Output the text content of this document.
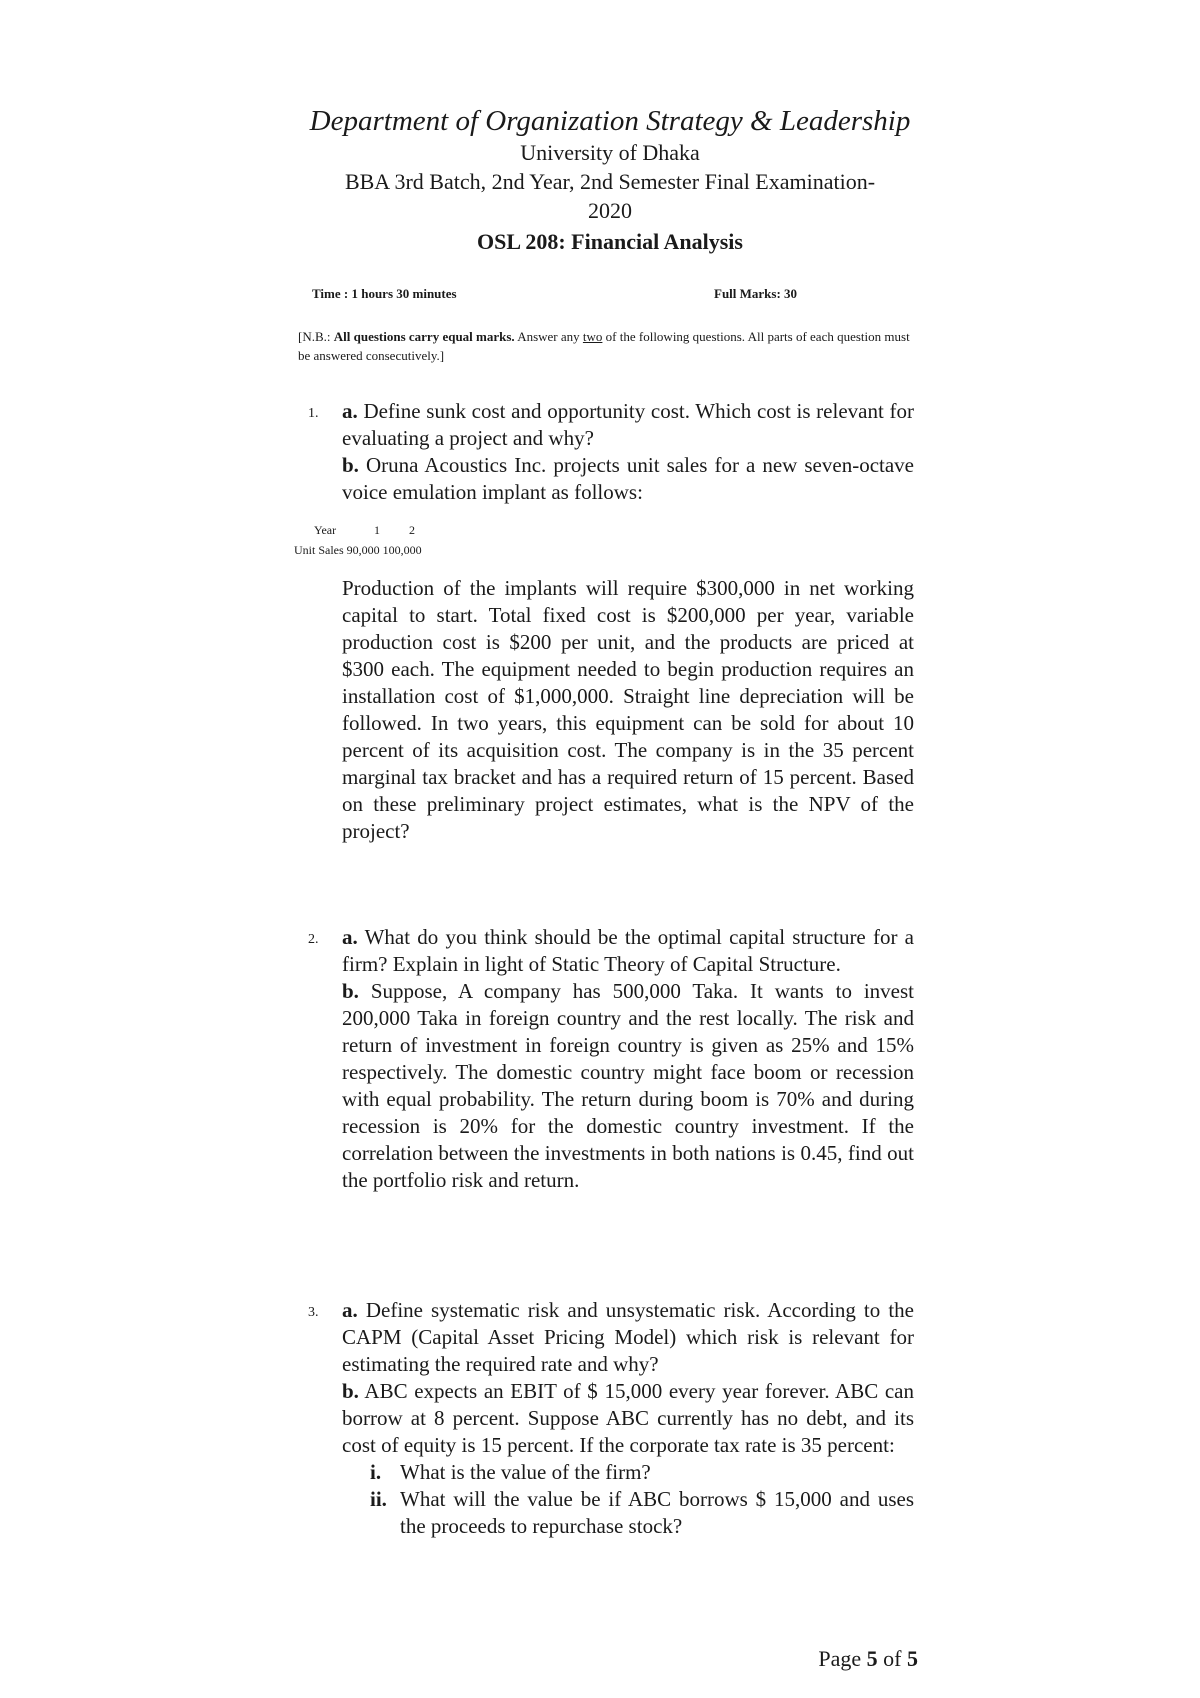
Department of Organization Strategy & Leadership
University of Dhaka
BBA 3rd Batch, 2nd Year, 2nd Semester Final Examination-
2020
OSL 208: Financial Analysis
Time : 1 hours 30 minutes	Full Marks: 30
[N.B.: All questions carry equal marks. Answer any two of the following questions. All parts of each question must be answered consecutively.]
1. a. Define sunk cost and opportunity cost. Which cost is relevant for evaluating a project and why?
b. Oruna Acoustics Inc. projects unit sales for a new seven-octave voice emulation implant as follows:
Year	1 2
Unit Sales 90,000 100,000
Production of the implants will require $300,000 in net working capital to start. Total fixed cost is $200,000 per year, variable production cost is $200 per unit, and the products are priced at $300 each. The equipment needed to begin production requires an installation cost of $1,000,000. Straight line depreciation will be followed. In two years, this equipment can be sold for about 10 percent of its acquisition cost. The company is in the 35 percent marginal tax bracket and has a required return of 15 percent. Based on these preliminary project estimates, what is the NPV of the project?
2. a. What do you think should be the optimal capital structure for a firm? Explain in light of Static Theory of Capital Structure.
b. Suppose, A company has 500,000 Taka. It wants to invest 200,000 Taka in foreign country and the rest locally. The risk and return of investment in foreign country is given as 25% and 15% respectively. The domestic country might face boom or recession with equal probability. The return during boom is 70% and during recession is 20% for the domestic country investment. If the correlation between the investments in both nations is 0.45, find out the portfolio risk and return.
3. a. Define systematic risk and unsystematic risk. According to the CAPM (Capital Asset Pricing Model) which risk is relevant for estimating the required rate and why?
b. ABC expects an EBIT of $ 15,000 every year forever. ABC can borrow at 8 percent. Suppose ABC currently has no debt, and its cost of equity is 15 percent. If the corporate tax rate is 35 percent:
i. What is the value of the firm?
ii. What will the value be if ABC borrows $ 15,000 and uses the proceeds to repurchase stock?
Page 5 of 5
